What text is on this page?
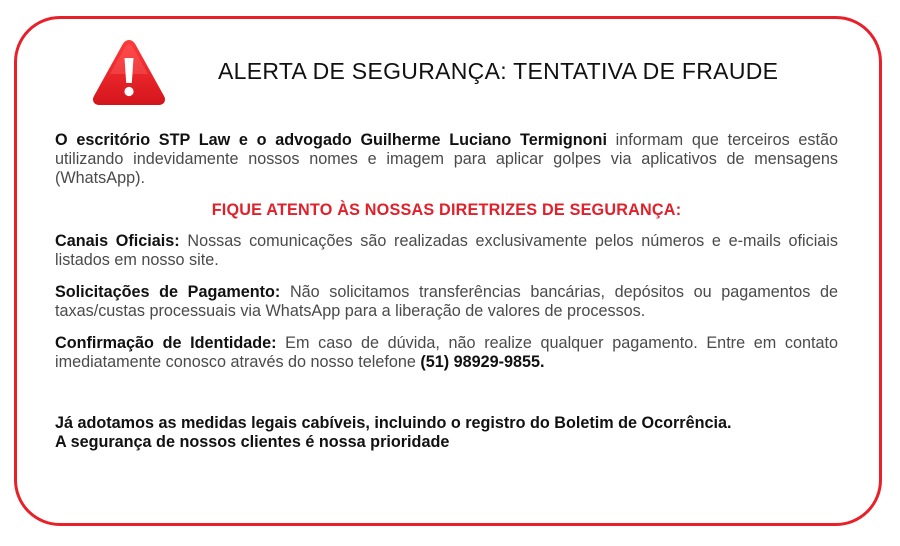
ALERTA DE SEGURANÇA: TENTATIVA DE FRAUDE

O escritório STP Law e o advogado Guilherme Luciano Termignoni informam que terceiros estão utilizando indevidamente nossos nomes e imagem para aplicar golpes via aplicativos de mensagens (WhatsApp).

FIQUE ATENTO ÀS NOSSAS DIRETRIZES DE SEGURANÇA:

Canais Oficiais: Nossas comunicações são realizadas exclusivamente pelos números e e-mails oficiais listados em nosso site.

Solicitações de Pagamento: Não solicitamos transferências bancárias, depósitos ou pagamentos de taxas/custas processuais via WhatsApp para a liberação de valores de processos.

Confirmação de Identidade: Em caso de dúvida, não realize qualquer pagamento. Entre em contato imediatamente conosco através do nosso telefone (51) 98929-9855.

Já adotamos as medidas legais cabíveis, incluindo o registro do Boletim de Ocorrência.
A segurança de nossos clientes é nossa prioridade
